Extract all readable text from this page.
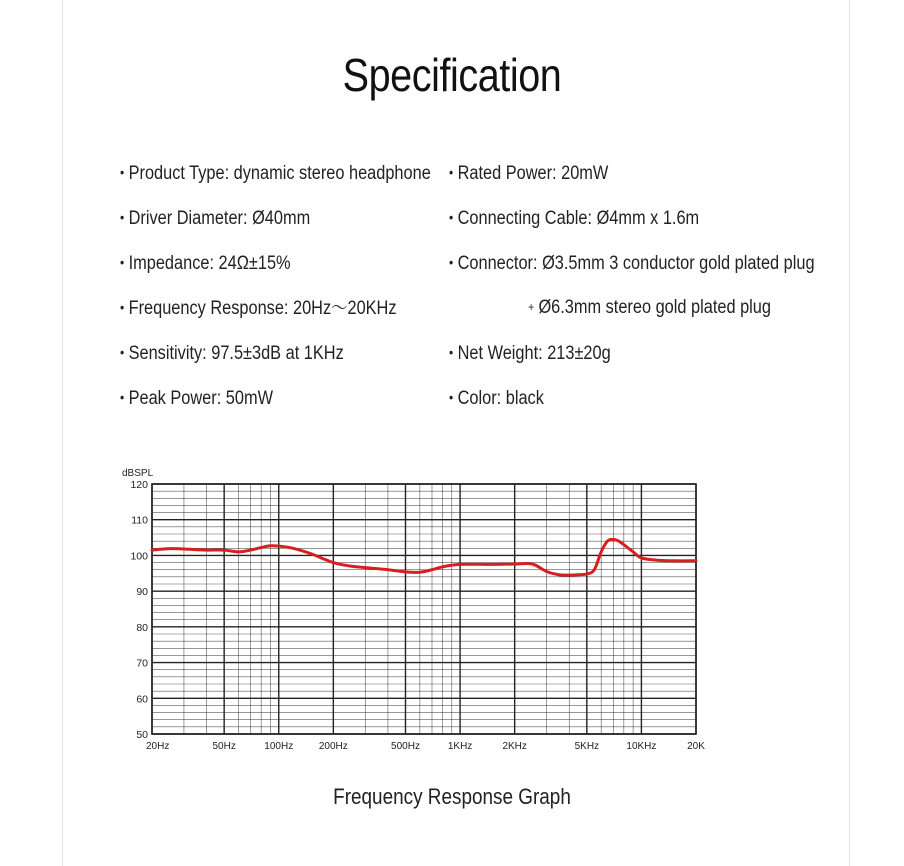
Specification
• Product Type: dynamic stereo headphone
• Driver Diameter: Ø40mm
• Impedance: 24Ω±15%
• Frequency Response: 20Hz～20KHz
• Sensitivity: 97.5±3dB at 1KHz
• Peak Power: 50mW
• Rated Power: 20mW
• Connecting Cable: Ø4mm x 1.6m
• Connector: Ø3.5mm 3 conductor gold plated plug
+ Ø6.3mm stereo gold plated plug
• Net Weight: 213±20g
• Color: black
120
110
100
90
80
70
60
50
20Hz	50Hz	100Hz	200Hz	500Hz	1KHz	2KHz	5KHz	10KHz	20K
dBSPL
Frequency Response Graph
